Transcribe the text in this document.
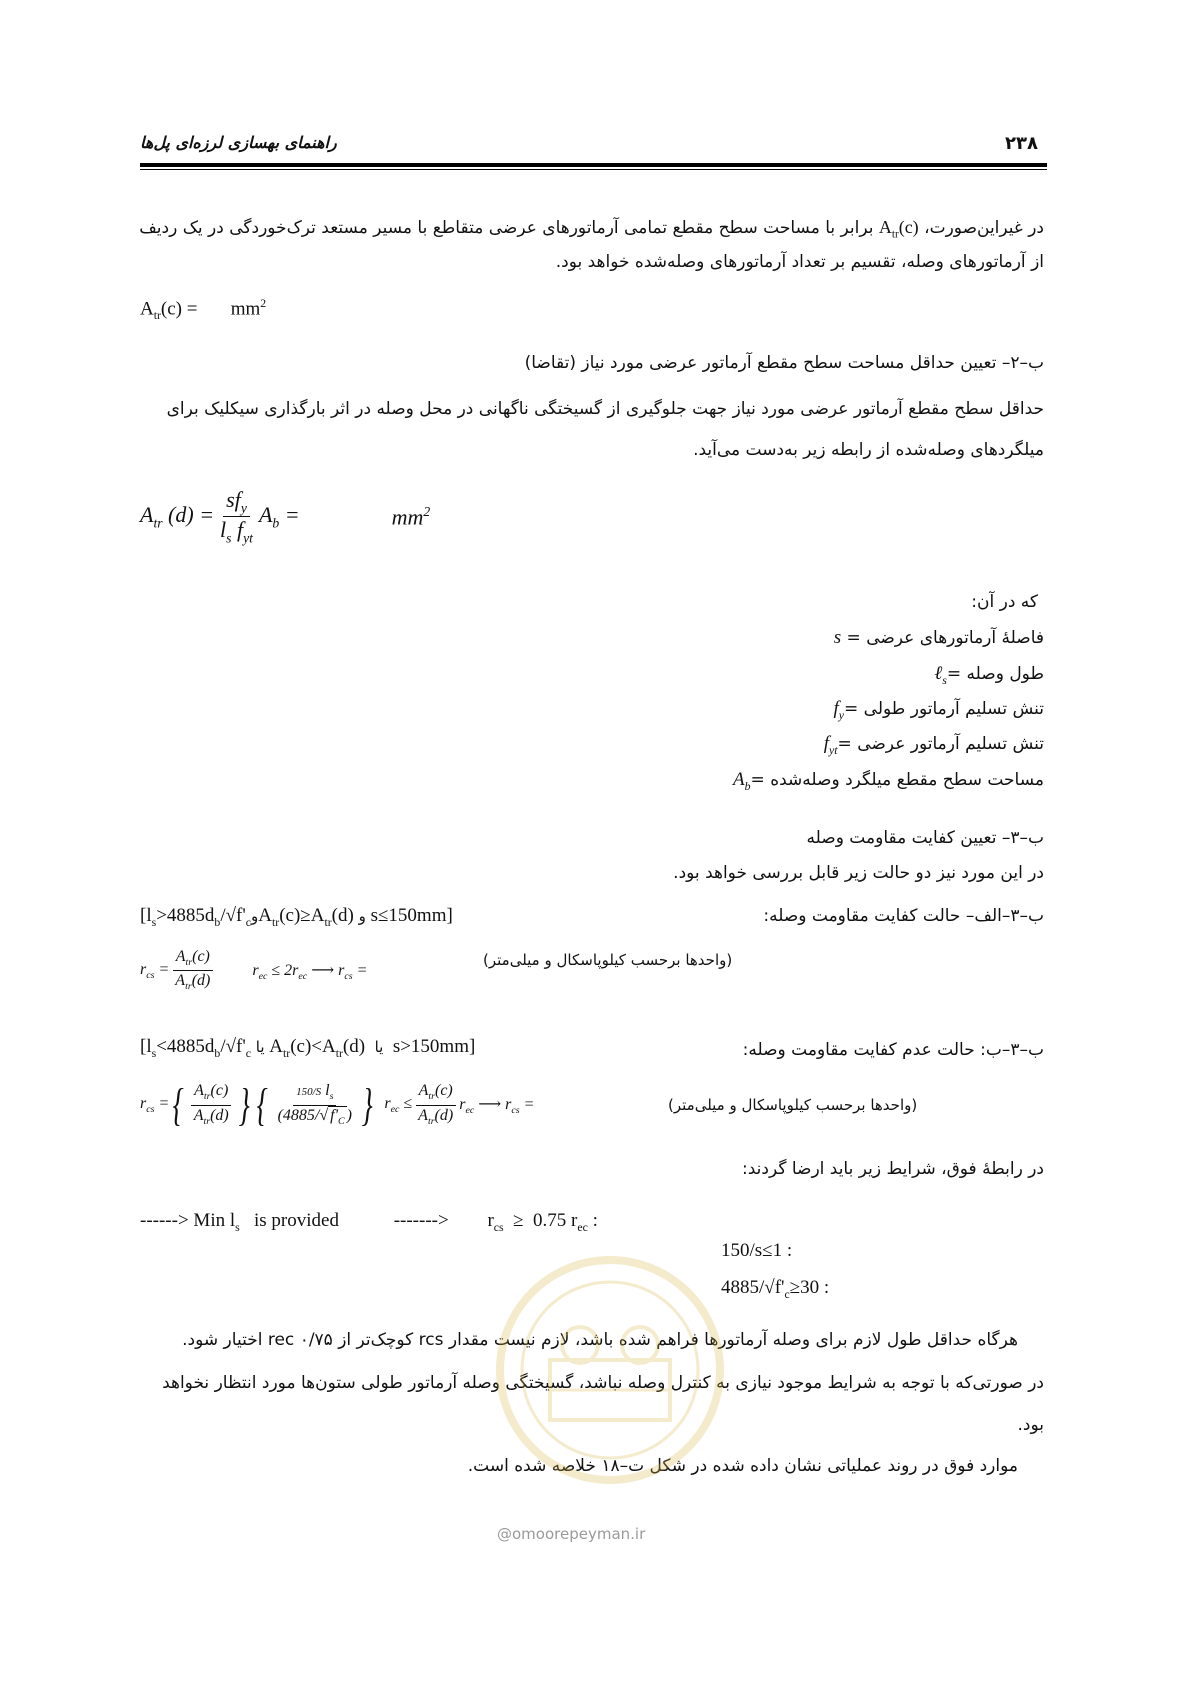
۲۳۸
راهنمای بهسازی لرزه‌ای پل‌ها
در غیراین‌صورت، $A_{tr}(c)$ برابر با مساحت سطح مقطع تمامی آرماتورهای عرضی متقاطع با مسیر مستعد ترک‌خوردگی در یک ردیف
از آرماتورهای وصله، تقسیم بر تعداد آرماتورهای وصله‌شده خواهد بود.
$A_{tr}(c)$ =       $mm^2$
ب–۲– تعیین حداقل مساحت سطح مقطع آرماتور عرضی مورد نیاز (تقاضا)
حداقل سطح مقطع آرماتور عرضی مورد نیاز جهت جلوگیری از گسیختگی ناگهانی در محل وصله در اثر بارگذاری سیکلیک برای
میلگردهای وصله‌شده از رابطه زیر به‌دست می‌آید.
$A_{tr}$ $(d) = \frac{sf_y}{l_s f_{yt}} A_b$ =	$mm^2$
که در آن:
s = فاصلهٔ آرماتورهای عرضی
ℓ$_s$= طول وصله
$f_y=$ تنش تسلیم آرماتور طولی
$f_{yt}=$ تنش تسلیم آرماتور عرضی
$A_b=$ مساحت سطح مقطع میلگرد وصله‌شده
ب–۳– تعیین کفایت مقاومت وصله
در این مورد نیز دو حالت زیر قابل بررسی خواهد بود.
ب–۳–الف– حالت کفایت مقاومت وصله:
[$l_s>4885d_b/√f'_cوA_{tr}(c)\ge A_{tr}(d)$ و s≤150mm]
$r_{cs} = \frac{A_{tr}(c)}{A_{tr}(d)} r_{ec} \le 2r_{ec}$ ⟶ $r_{cs}$ =
(واحدها برحسب کیلوپاسکال و میلی‌متر)
ب–۳–ب: حالت عدم کفایت مقاومت وصله:
[$l_s<4885d_b/√f'_c$ یا $A_{tr}(c)<A_{tr}(d)$  یا  s>150mm]
$r_{cs}$ = { $\frac{A_{tr}(c)}{A_{tr}(d)}$ } { $\frac{150/S l_s}{(4885/√ f'_C )}$ } $r_{ec} \le \frac{A_{tr}(c)}{A_{tr}(d)} r_{ec}$ ⟶ $r_{cs}$ =	(واحدها برحسب کیلوپاسکال و میلی‌متر)
در رابطهٔ فوق، شرایط زیر باید ارضا گردند:
------> Min $l_s$ is provided	-------> $r_{cs} \ge 0.75$ $r_{ec}$ :
150/s≤1 :
$4885/√f'_c\ge 30$ :
هرگاه حداقل طول لازم برای وصله آرماتورها فراهم شده باشد، لازم نیست مقدار rcs کوچک‌تر از ۰/۷۵ rec اختیار شود.
در صورتی‌که با توجه به شرایط موجود نیازی به کنترل وصله نباشد، گسیختگی وصله آرماتور طولی ستون‌ها مورد انتظار نخواهد
بود.
موارد فوق در روند عملیاتی نشان داده شده در شکل ت–۱۸ خلاصه شده است.
@omoorepeyman.ir
